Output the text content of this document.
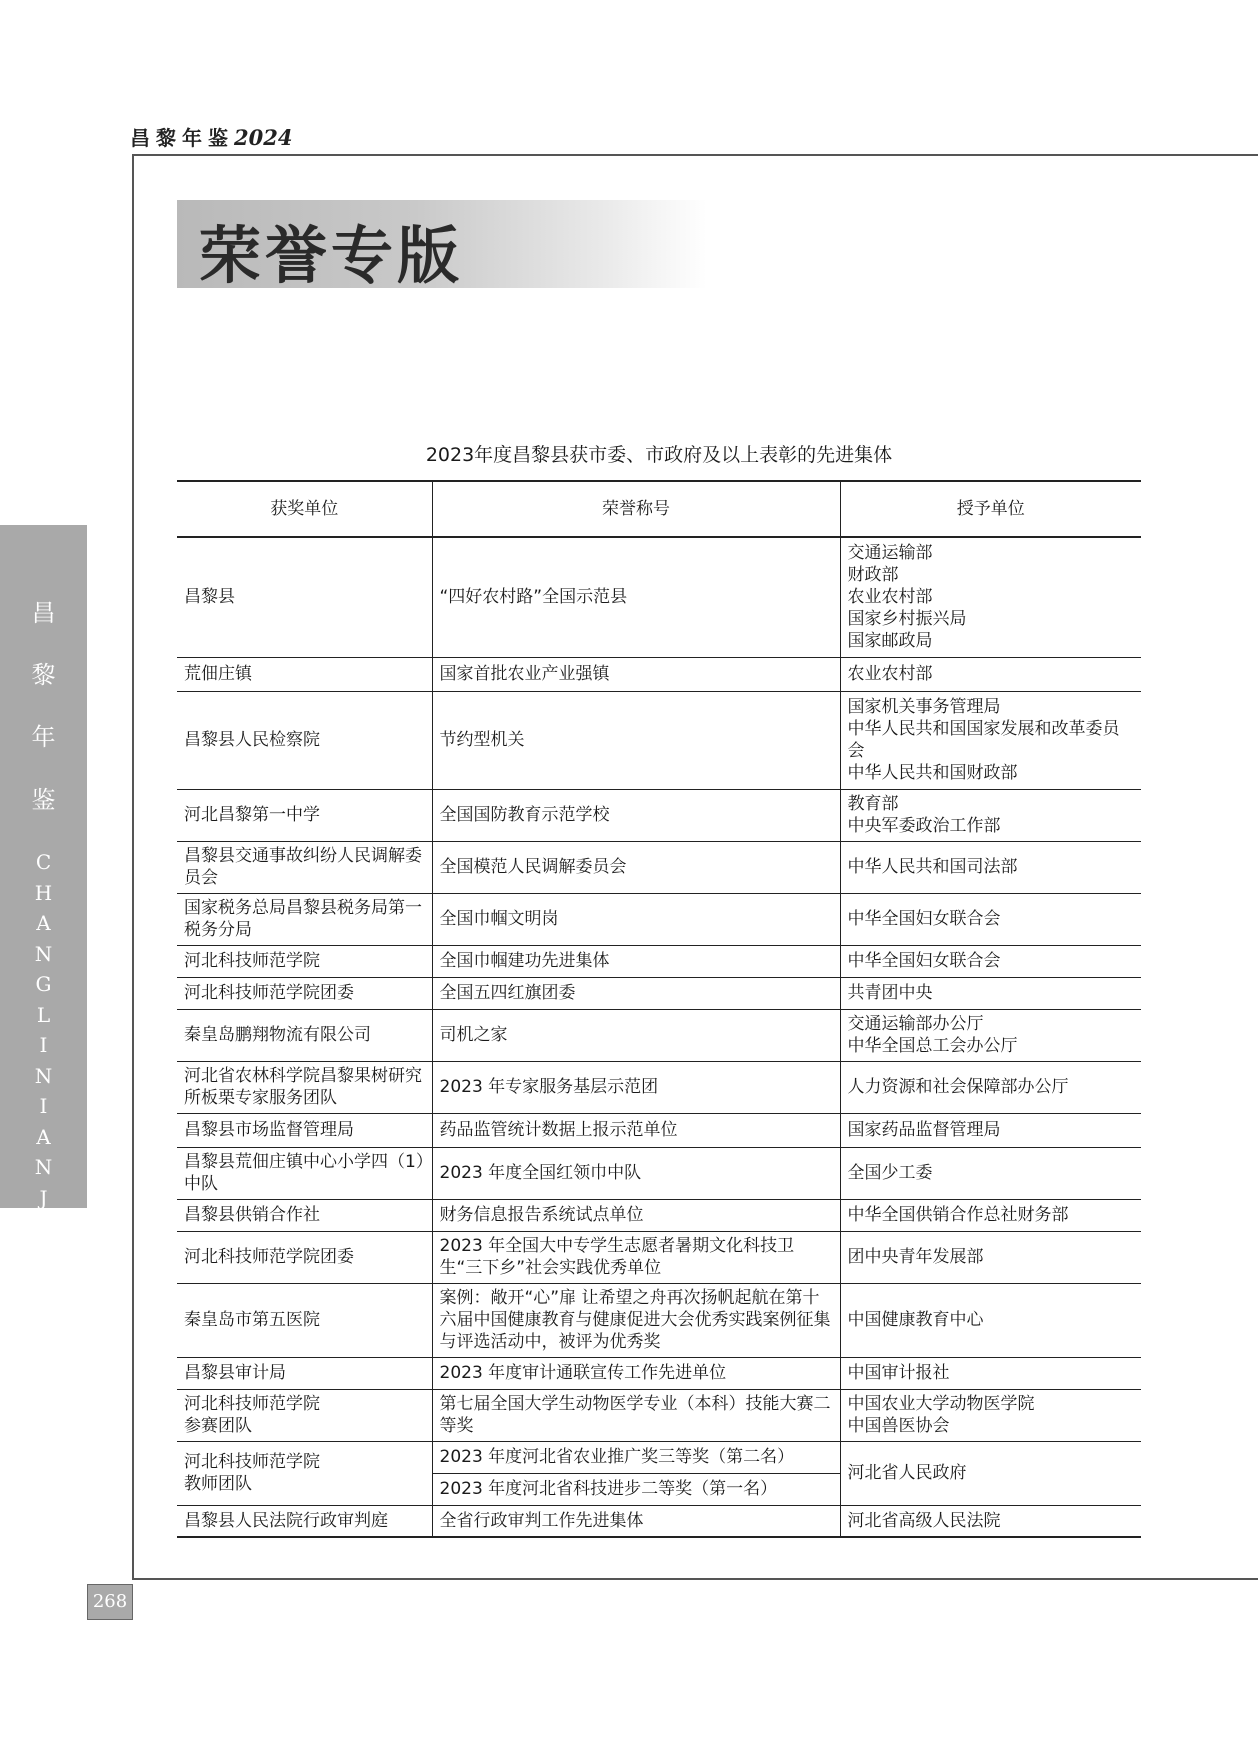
昌黎年鉴2024
荣誉专版
昌
黎
年
鉴
C
H
A
N
G
L
I
N
I
A
N
J
I
A
N
2023年度昌黎县获市委、市政府及以上表彰的先进集体
获奖单位	荣誉称号	授予单位

昌黎县	“四好农村路”全国示范县	交通运输部
财政部
农业农村部
国家乡村振兴局
国家邮政局

荒佃庄镇	国家首批农业产业强镇	农业农村部

昌黎县人民检察院	节约型机关	国家机关事务管理局
中华人民共和国国家发展和改革委员会
中华人民共和国财政部

河北昌黎第一中学	全国国防教育示范学校	教育部
中央军委政治工作部

昌黎县交通事故纠纷人民调解委员会	全国模范人民调解委员会	中华人民共和国司法部

国家税务总局昌黎县税务局第一税务分局	全国巾帼文明岗	中华全国妇女联合会

河北科技师范学院	全国巾帼建功先进集体	中华全国妇女联合会

河北科技师范学院团委	全国五四红旗团委	共青团中央

秦皇岛鹏翔物流有限公司	司机之家	交通运输部办公厅
中华全国总工会办公厅

河北省农林科学院昌黎果树研究所板栗专家服务团队	2023 年专家服务基层示范团	人力资源和社会保障部办公厅

昌黎县市场监督管理局	药品监管统计数据上报示范单位	国家药品监督管理局

昌黎县荒佃庄镇中心小学四（1）中队	2023 年度全国红领巾中队	全国少工委

昌黎县供销合作社	财务信息报告系统试点单位	中华全国供销合作总社财务部

河北科技师范学院团委	2023 年全国大中专学生志愿者暑期文化科技卫生“三下乡”社会实践优秀单位	团中央青年发展部

秦皇岛市第五医院	案例：敞开“心”扉 让希望之舟再次扬帆起航在第十六届中国健康教育与健康促进大会优秀实践案例征集与评选活动中，被评为优秀奖	中国健康教育中心

昌黎县审计局	2023 年度审计通联宣传工作先进单位	中国审计报社

河北科技师范学院
参赛团队	第七届全国大学生动物医学专业（本科）技能大赛二等奖	中国农业大学动物医学院
中国兽医协会

河北科技师范学院
教师团队	2023 年度河北省农业推广奖三等奖（第二名）	河北省人民政府

	2023 年度河北省科技进步二等奖（第一名）	

昌黎县人民法院行政审判庭	全省行政审判工作先进集体	河北省高级人民法院
268
